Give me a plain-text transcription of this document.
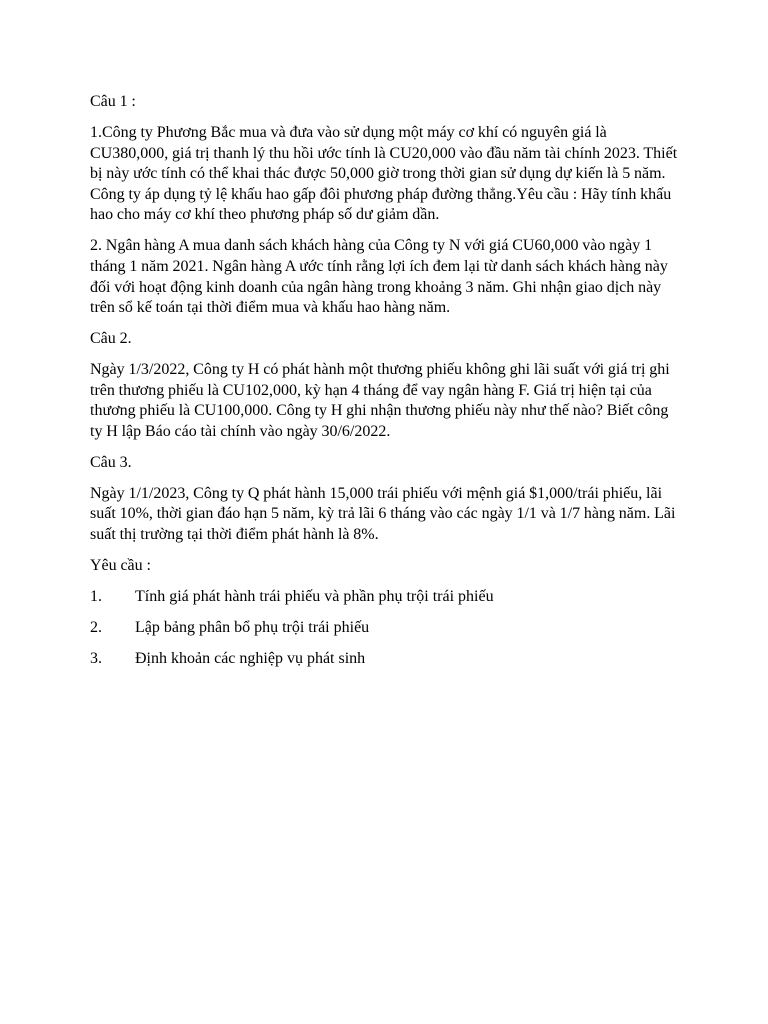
Câu 1 :

1.Công ty Phương Bắc mua và đưa vào sử dụng một máy cơ khí có nguyên giá là CU380,000, giá trị thanh lý thu hồi ước tính là CU20,000 vào đầu năm tài chính 2023. Thiết bị này ước tính có thể khai thác được 50,000 giờ trong thời gian sử dụng dự kiến là 5 năm. Công ty áp dụng tỷ lệ khấu hao gấp đôi phương pháp đường thẳng.Yêu cầu : Hãy tính khấu hao cho máy cơ khí theo phương pháp số dư giảm dần.

2. Ngân hàng A mua danh sách khách hàng của Công ty N với giá CU60,000 vào ngày 1 tháng 1 năm 2021. Ngân hàng A ước tính rằng lợi ích đem lại từ danh sách khách hàng này đối với hoạt động kinh doanh của ngân hàng trong khoảng 3 năm. Ghi nhận giao dịch này trên sổ kế toán tại thời điểm mua và khấu hao hàng năm.

Câu 2.

Ngày 1/3/2022, Công ty H có phát hành một thương phiếu không ghi lãi suất với giá trị ghi trên thương phiếu là CU102,000, kỳ hạn 4 tháng để vay ngân hàng F. Giá trị hiện tại của thương phiếu là CU100,000. Công ty H ghi nhận thương phiếu này như thế nào? Biết công ty H lập Báo cáo tài chính vào ngày 30/6/2022.

Câu 3.

Ngày 1/1/2023, Công ty Q phát hành 15,000 trái phiếu với mệnh giá $1,000/trái phiếu, lãi suất 10%, thời gian đáo hạn 5 năm, kỳ trả lãi 6 tháng vào các ngày 1/1 và 1/7 hàng năm. Lãi suất thị trường tại thời điểm phát hành là 8%.

Yêu cầu :

1.	Tính giá phát hành trái phiếu và phần phụ trội trái phiếu
2.	Lập bảng phân bổ phụ trội trái phiếu
3.	Định khoản các nghiệp vụ phát sinh
